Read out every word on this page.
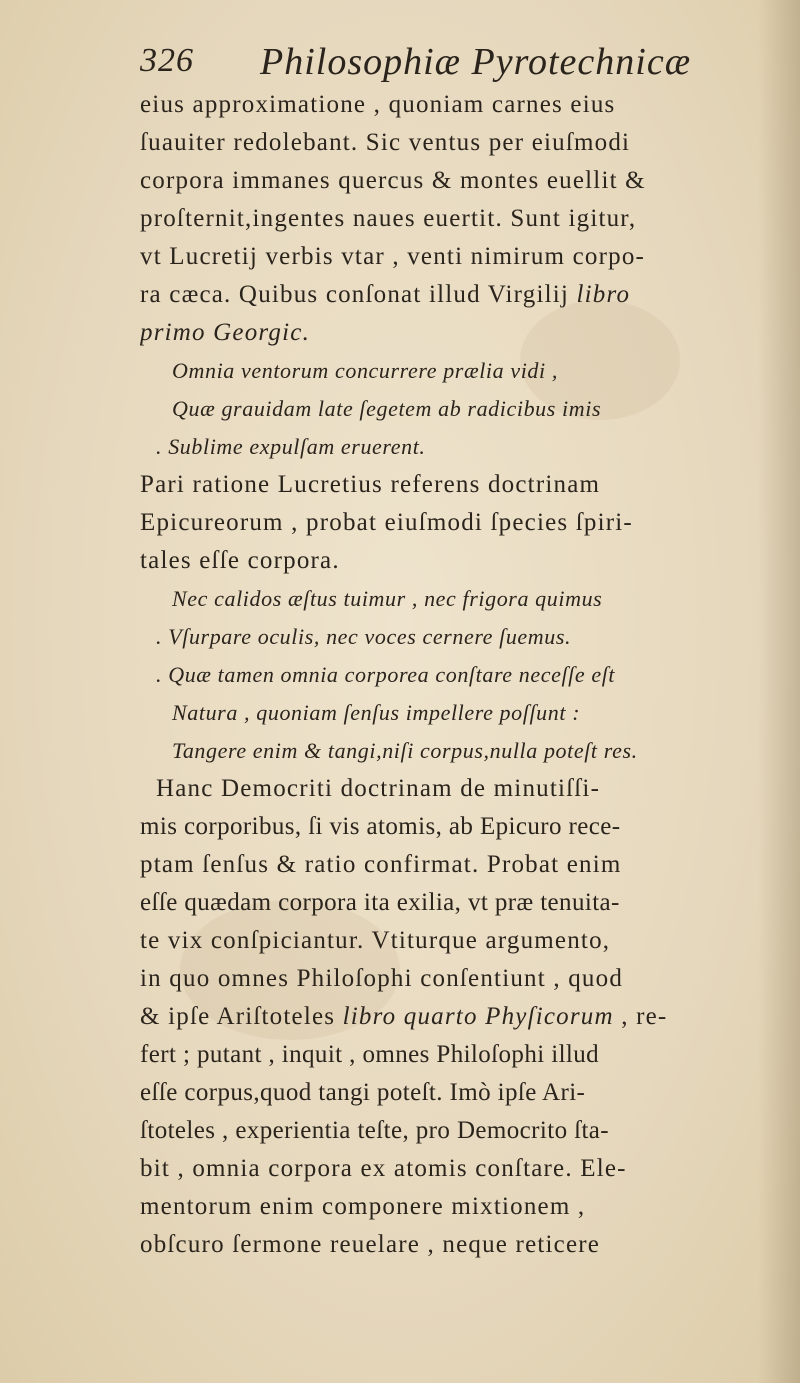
326 Philosophiæ Pyrotechnicæ
eius approximatione , quoniam carnes eius
ſuauiter redolebant. Sic ventus per eiuſmodi
corpora immanes quercus & montes euellit &
proſternit,ingentes naues euertit. Sunt igitur,
vt Lucretij verbis vtar , venti nimirum corpo-
ra cæca. Quibus conſonat illud Virgilij libro
primo Georgic.
Omnia ventorum concurrere prælia vidi ,
Quæ grauidam late ſegetem ab radicibus imis
. Sublime expulſam eruerent.
Pari ratione Lucretius referens doctrinam
Epicureorum , probat eiuſmodi ſpecies ſpiri-
tales eſſe corpora.
Nec calidos æſtus tuimur , nec frigora quimus
. Vſurpare oculis, nec voces cernere ſuemus.
. Quæ tamen omnia corporea conſtare neceſſe eſt
Natura , quoniam ſenſus impellere poſſunt :
Tangere enim & tangi,niſi corpus,nulla poteſt res.
Hanc Democriti doctrinam de minutiſſi-
mis corporibus, ſi vis atomis, ab Epicuro rece-
ptam ſenſus & ratio confirmat. Probat enim
eſſe quædam corpora ita exilia, vt præ tenuita-
te vix conſpiciantur. Vtiturque argumento,
in quo omnes Philoſophi conſentiunt , quod
& ipſe Ariſtoteles libro quarto Phyſicorum , re-
fert ; putant , inquit , omnes Philoſophi illud
eſſe corpus,quod tangi poteſt. Imò ipſe Ari-
ſtoteles , experientia teſte, pro Democrito ſta-
bit , omnia corpora ex atomis conſtare. Ele-
mentorum enim componere mixtionem ,
obſcuro ſermone reuelare , neque reticere
